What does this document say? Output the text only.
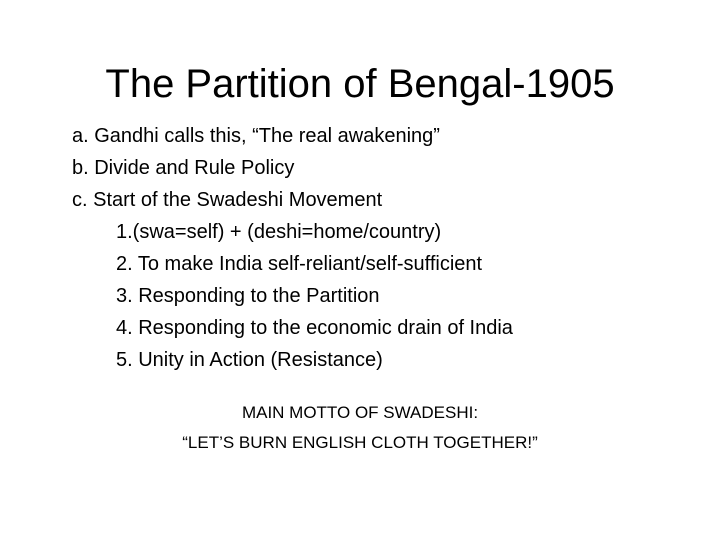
The Partition of Bengal-1905
a. Gandhi calls this, “The real awakening”
b. Divide and Rule Policy
c. Start of the Swadeshi Movement
1.(swa=self) + (deshi=home/country)
2. To make India self-reliant/self-sufficient
3. Responding to the Partition
4. Responding to the economic drain of India
5. Unity in Action (Resistance)
MAIN MOTTO OF SWADESHI:
“LET’S BURN ENGLISH CLOTH TOGETHER!”
